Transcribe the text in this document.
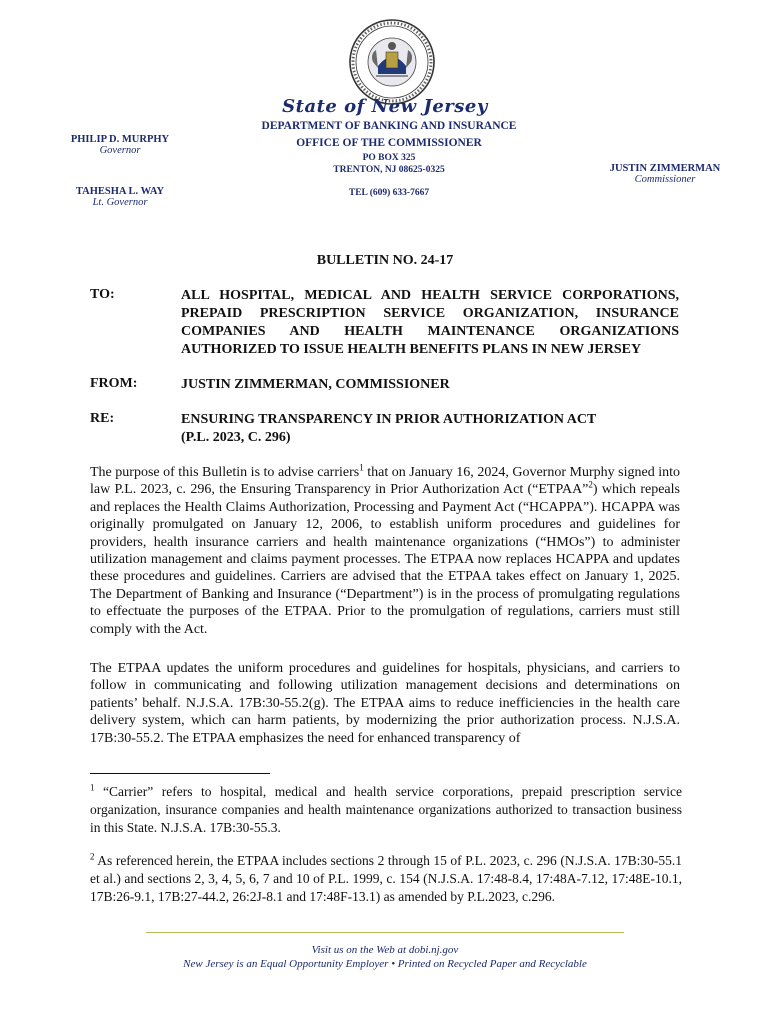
State of New Jersey
PHILIP D. MURPHY
Governor
TAHESHA L. WAY
Lt. Governor
JUSTIN ZIMMERMAN
Commissioner
DEPARTMENT OF BANKING AND INSURANCE
OFFICE OF THE COMMISSIONER
PO BOX 325
TRENTON, NJ 08625-0325
TEL (609) 633-7667
BULLETIN NO. 24-17
TO:	ALL HOSPITAL, MEDICAL AND HEALTH SERVICE CORPORATIONS, PREPAID PRESCRIPTION SERVICE ORGANIZATION, INSURANCE COMPANIES AND HEALTH MAINTENANCE ORGANIZATIONS AUTHORIZED TO ISSUE HEALTH BENEFITS PLANS IN NEW JERSEY
FROM:	JUSTIN ZIMMERMAN, COMMISSIONER
RE:	ENSURING TRANSPARENCY IN PRIOR AUTHORIZATION ACT
(P.L. 2023, C. 296)
The purpose of this Bulletin is to advise carriers$^1$ that on January 16, 2024, Governor Murphy signed into law P.L. 2023, c. 296, the Ensuring Transparency in Prior Authorization Act (“ETPAA”$^2$) which repeals and replaces the Health Claims Authorization, Processing and Payment Act (“HCAPPA”). HCAPPA was originally promulgated on January 12, 2006, to establish uniform procedures and guidelines for providers, health insurance carriers and health maintenance organizations (“HMOs”) to administer utilization management and claims payment processes. The ETPAA now replaces HCAPPA and updates these procedures and guidelines. Carriers are advised that the ETPAA takes effect on January 1, 2025. The Department of Banking and Insurance (“Department”) is in the process of promulgating regulations to effectuate the purposes of the ETPAA. Prior to the promulgation of regulations, carriers must still comply with the Act.
The ETPAA updates the uniform procedures and guidelines for hospitals, physicians, and carriers to follow in communicating and following utilization management decisions and determinations on patients’ behalf. N.J.S.A. 17B:30-55.2(g). The ETPAA aims to reduce inefficiencies in the health care delivery system, which can harm patients, by modernizing the prior authorization process. N.J.S.A. 17B:30-55.2. The ETPAA emphasizes the need for enhanced transparency of
$^1$ “Carrier” refers to hospital, medical and health service corporations, prepaid prescription service organization, insurance companies and health maintenance organizations authorized to transaction business in this State. N.J.S.A. 17B:30-55.3.
$^2$ As referenced herein, the ETPAA includes sections 2 through 15 of P.L. 2023, c. 296 (N.J.S.A. 17B:30-55.1 et al.) and sections 2, 3, 4, 5, 6, 7 and 10 of P.L. 1999, c. 154 (N.J.S.A. 17:48-8.4, 17:48A-7.12, 17:48E-10.1, 17B:26-9.1, 17B:27-44.2, 26:2J-8.1 and 17:48F-13.1) as amended by P.L.2023, c.296.
Visit us on the Web at dobi.nj.gov
New Jersey is an Equal Opportunity Employer • Printed on Recycled Paper and Recyclable
